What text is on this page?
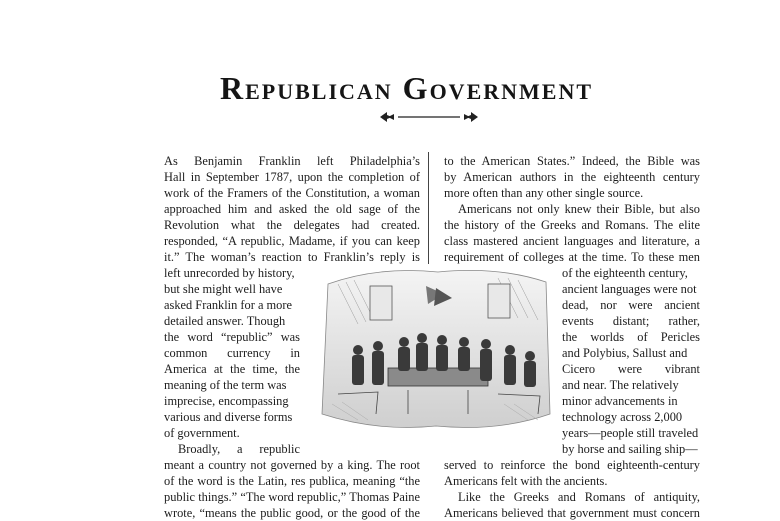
Republican Government
As Benjamin Franklin left Philadelphia’s
Hall in September 1787, upon the completion of
work of the Framers of the Constitution, a woman
approached him and asked the old sage of the
Revolution what the delegates had created.
responded, “A republic, Madame, if you can keep
it.” The woman’s reaction to Franklin’s reply is
left unrecorded by history,
but she might well have
asked Franklin for a more
detailed answer. Though
the word “republic” was
common currency in
America at the time, the
meaning of the term was
imprecise, encompassing
various and diverse forms
of government.
Broadly, a republic
meant a country not governed by a king. The root
of the word is the Latin, res publica, meaning “the
public things.” “The word republic,” Thomas Paine
wrote, “means the public good, or the good of the
to the American States.” Indeed, the Bible was
by American authors in the eighteenth century
more often than any other single source.
Americans not only knew their Bible, but also
the history of the Greeks and Romans. The elite
class mastered ancient languages and literature, a
requirement of colleges at the time. To these men
of the eighteenth century,
ancient languages were not
dead, nor were ancient
events distant; rather,
the worlds of Pericles
and Polybius, Sallust and
Cicero were vibrant
and near. The relatively
minor advancements in
technology across 2,000
years—people still traveled
by horse and sailing ship—
served to reinforce the bond eighteenth-century
Americans felt with the ancients.
Like the Greeks and Romans of antiquity,
Americans believed that government must concern
